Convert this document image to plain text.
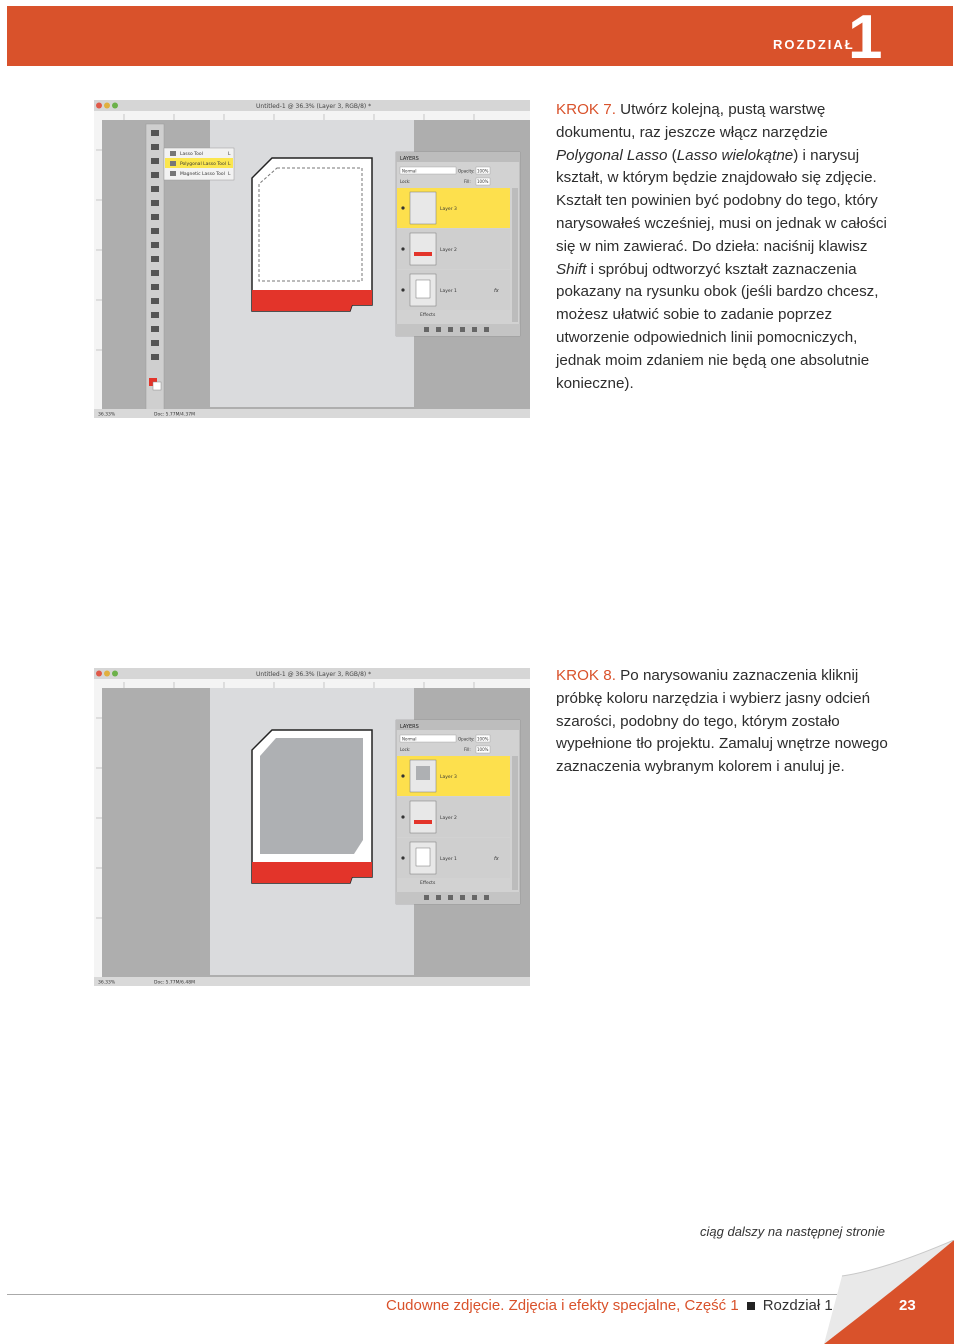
ROZDZIAŁ
1
Untitled-1 @ 36.3% (Layer 3, RGB/8) *
Lasso Tool
Polygonal Lasso Tool
Magnetic Lasso Tool
L
L
L
LAYERS
Normal	Opacity: 100%
Lock:	Fill: 100%
Layer 3
Layer 2
Layer 1	fx
Effects
36.33%	Doc: 5.77M/4.37M
KROK 7. Utwórz kolejną, pustą warstwę dokumentu, raz jeszcze włącz narzędzie Polygonal Lasso (Lasso wielokątne) i narysuj kształt, w którym będzie znajdowało się zdjęcie. Kształt ten powinien być podobny do tego, który narysowałeś wcześniej, musi on jednak w całości się w nim zawierać. Do dzieła: naciśnij klawisz Shift i spróbuj odtworzyć kształt zaznaczenia pokazany na rysunku obok (jeśli bardzo chcesz, możesz ułatwić sobie to zadanie poprzez utworzenie odpowiednich linii pomocniczych, jednak moim zdaniem nie będą one absolutnie konieczne).
Untitled-1 @ 36.3% (Layer 3, RGB/8) *
LAYERS
Normal	Opacity: 100%
Lock:	Fill: 100%
Layer 3
Layer 2
Layer 1	fx
Effects
36.33%	Doc: 5.77M/6.48M
KROK 8. Po narysowaniu zaznaczenia kliknij próbkę koloru narzędzia i wybierz jasny odcień szarości, podobny do tego, którym zostało wypełnione tło projektu. Zamaluj wnętrze nowego zaznaczenia wybranym kolorem i anuluj je.
ciąg dalszy na następnej stronie
Cudowne zdjęcie. Zdjęcia i efekty specjalne, Część 1 Rozdział 1	23
